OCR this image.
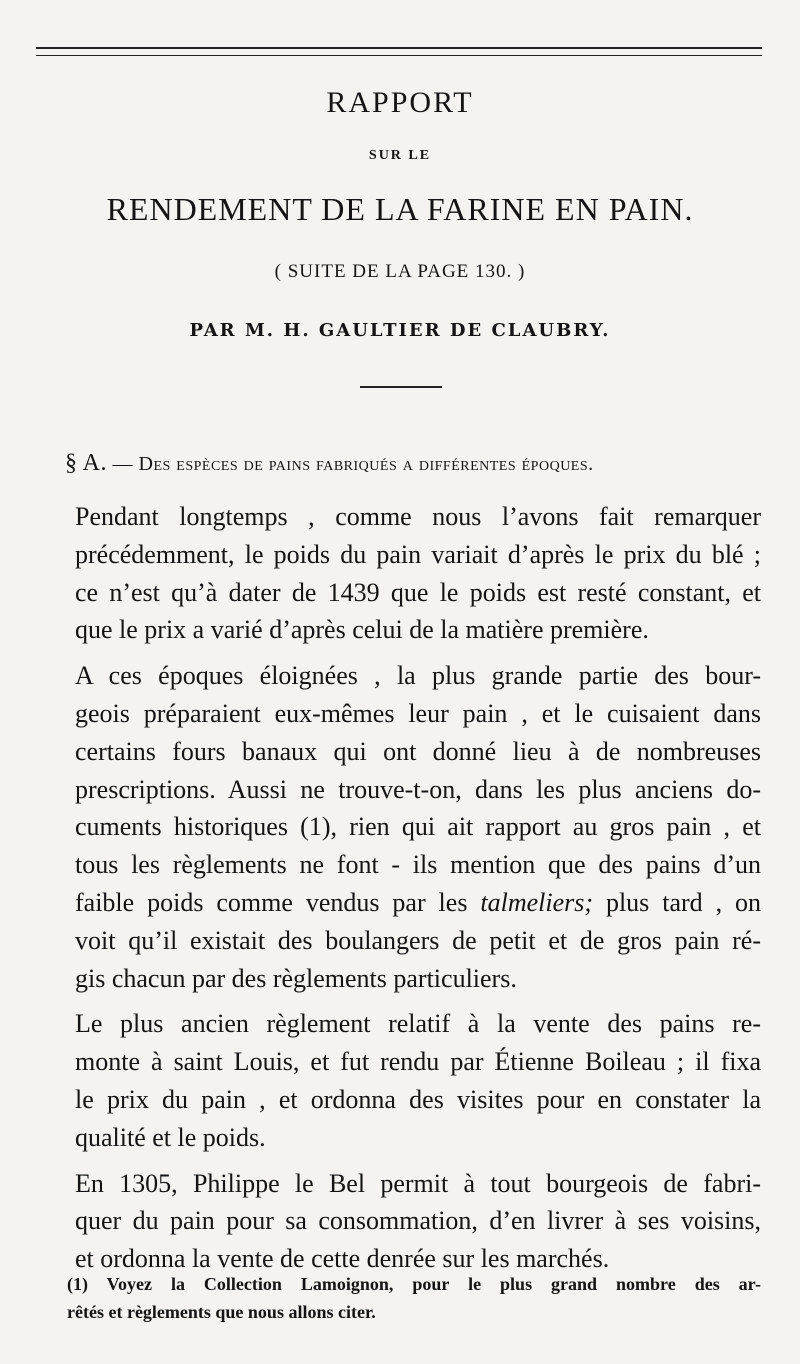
RAPPORT
SUR LE
RENDEMENT DE LA FARINE EN PAIN.
( SUITE DE LA PAGE 130. )
PAR M. H. GAULTIER DE CLAUBRY.
§ A. — Des espèces de pains fabriqués a différentes époques.

Pendant longtemps , comme nous l’avons fait remarquer
précédemment, le poids du pain variait d’après le prix du blé ;
ce n’est qu’à dater de 1439 que le poids est resté constant, et
que le prix a varié d’après celui de la matière première.

A ces époques éloignées , la plus grande partie des bour-
geois préparaient eux-mêmes leur pain , et le cuisaient dans
certains fours banaux qui ont donné lieu à de nombreuses
prescriptions. Aussi ne trouve-t-on, dans les plus anciens do-
cuments historiques (1), rien qui ait rapport au gros pain , et
tous les règlements ne font - ils mention que des pains d’un
faible poids comme vendus par les talmeliers; plus tard , on
voit qu’il existait des boulangers de petit et de gros pain ré-
gis chacun par des règlements particuliers.

Le plus ancien règlement relatif à la vente des pains re-
monte à saint Louis, et fut rendu par Étienne Boileau ; il fixa
le prix du pain , et ordonna des visites pour en constater la
qualité et le poids.

En 1305, Philippe le Bel permit à tout bourgeois de fabri-
quer du pain pour sa consommation, d’en livrer à ses voisins,
et ordonna la vente de cette denrée sur les marchés.

(1) Voyez la Collection Lamoignon, pour le plus grand nombre des ar-
rêtés et règlements que nous allons citer.
